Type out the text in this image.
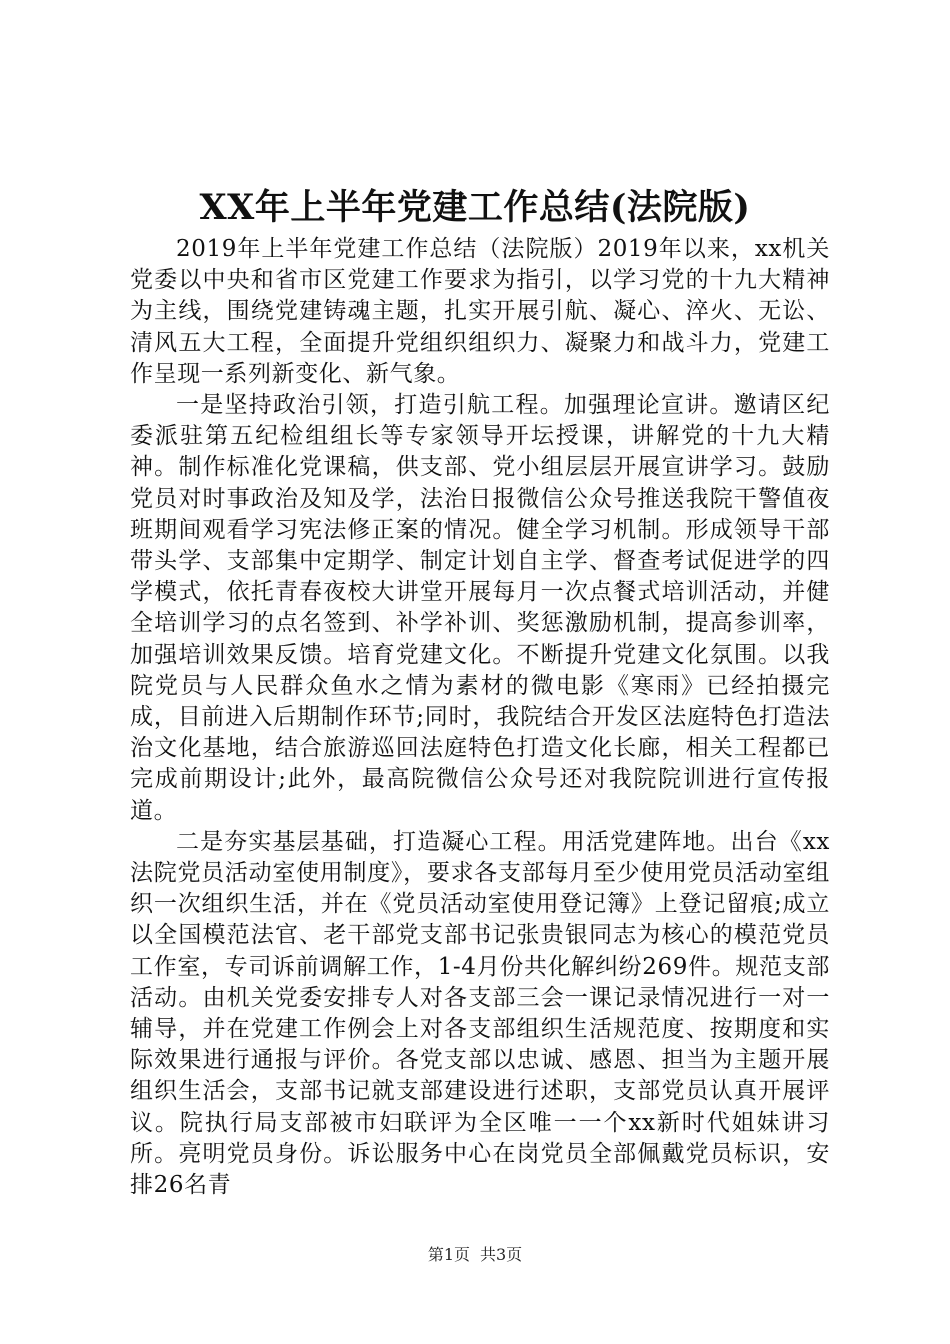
XX年上半年党建工作总结(法院版)

2019年上半年党建工作总结（法院版）2019年以来，xx机关党委以中央和省市区党建工作要求为指引，以学习党的十九大精神为主线，围绕党建铸魂主题，扎实开展引航、凝心、淬火、无讼、清风五大工程，全面提升党组织组织力、凝聚力和战斗力，党建工作呈现一系列新变化、新气象。

一是坚持政治引领，打造引航工程。加强理论宣讲。邀请区纪委派驻第五纪检组组长等专家领导开坛授课，讲解党的十九大精神。制作标准化党课稿，供支部、党小组层层开展宣讲学习。鼓励党员对时事政治及知及学，法治日报微信公众号推送我院干警值夜班期间观看学习宪法修正案的情况。健全学习机制。形成领导干部带头学、支部集中定期学、制定计划自主学、督查考试促进学的四学模式，依托青春夜校大讲堂开展每月一次点餐式培训活动，并健全培训学习的点名签到、补学补训、奖惩激励机制，提高参训率，加强培训效果反馈。培育党建文化。不断提升党建文化氛围。以我院党员与人民群众鱼水之情为素材的微电影《寒雨》已经拍摄完成，目前进入后期制作环节;同时，我院结合开发区法庭特色打造法治文化基地，结合旅游巡回法庭特色打造文化长廊，相关工程都已完成前期设计;此外，最高院微信公众号还对我院院训进行宣传报道。

二是夯实基层基础，打造凝心工程。用活党建阵地。出台《xx法院党员活动室使用制度》，要求各支部每月至少使用党员活动室组织一次组织生活，并在《党员活动室使用登记簿》上登记留痕;成立以全国模范法官、老干部党支部书记张贵银同志为核心的模范党员工作室，专司诉前调解工作，1-4月份共化解纠纷269件。规范支部活动。由机关党委安排专人对各支部三会一课记录情况进行一对一辅导，并在党建工作例会上对各支部组织生活规范度、按期度和实际效果进行通报与评价。各党支部以忠诚、感恩、担当为主题开展组织生活会，支部书记就支部建设进行述职，支部党员认真开展评议。院执行局支部被市妇联评为全区唯一一个xx新时代姐妹讲习所。亮明党员身份。诉讼服务中心在岗党员全部佩戴党员标识，安排26名青

第1页 共3页
